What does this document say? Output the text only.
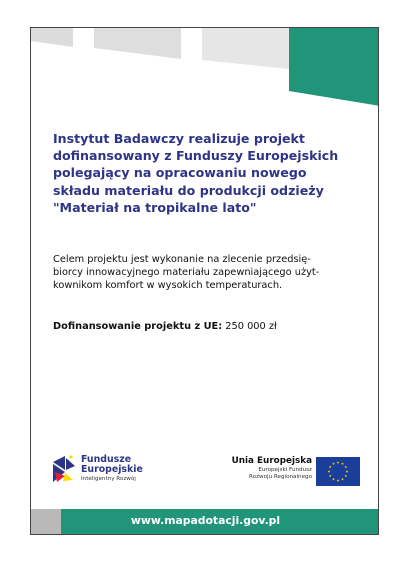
Instytut Badawczy realizuje projekt
dofinansowany z Funduszy Europejskich
polegający na opracowaniu nowego
składu materiału do produkcji odzieży
"Materiał na tropikalne lato"

Celem projektu jest wykonanie na zlecenie przedsię-
biorcy innowacyjnego materiału zapewniającego użyt-
kownikom komfort w wysokich temperaturach.

Dofinansowanie projektu z UE: 250 000 zł

Fundusze
Europejskie
Inteligentny Rozwój
Unia Europejska
Europejski Fundusz
Rozwoju Regionalnego
www.mapadotacji.gov.pl
